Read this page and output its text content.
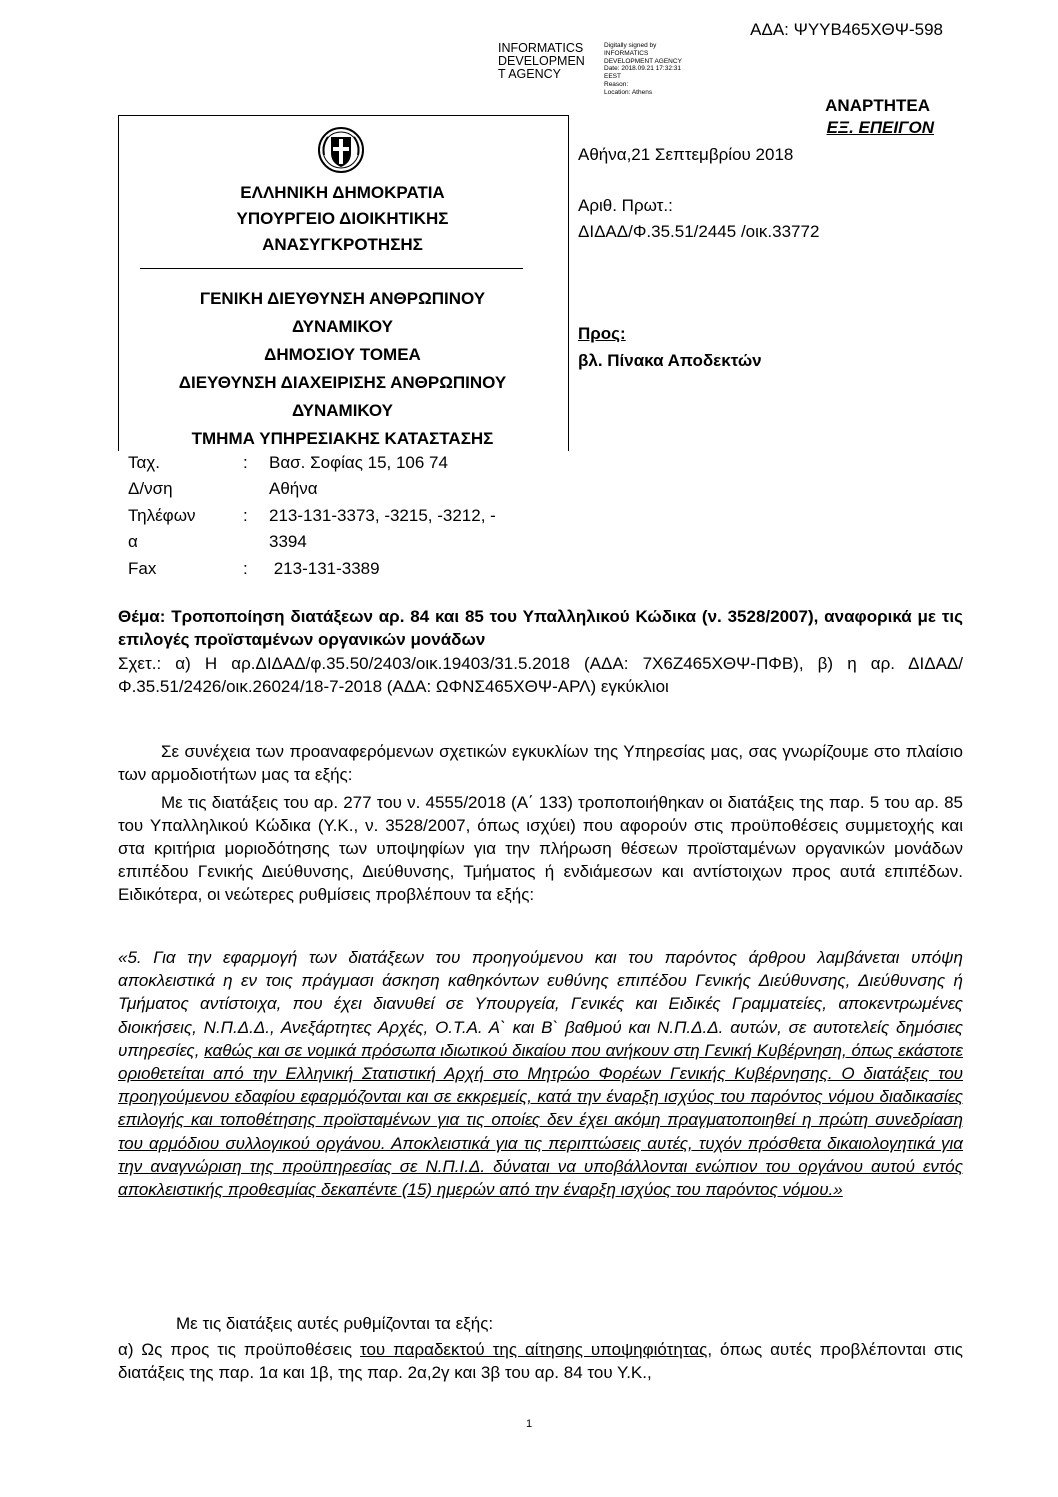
ΑΔΑ: ΨΥΥΒ465ΧΘΨ-598
INFORMATICS
DEVELOPMEN
T AGENCY
Digitally signed by
INFORMATICS
DEVELOPMENT AGENCY
Date: 2018.09.21 17:32:31
EEST
Reason:
Location: Athens
ΑΝΑΡΤΗΤΕΑ
ΕΞ. ΕΠΕΙΓΟΝ
Αθήνα,21 Σεπτεμβρίου 2018
Αριθ. Πρωτ.:
ΔΙΔΑΔ/Φ.35.51/2445 /οικ.33772
Προς:
βλ. Πίνακα Αποδεκτών
ΕΛΛΗΝΙΚΗ ΔΗΜΟΚΡΑΤΙΑ
ΥΠΟΥΡΓΕΙΟ ΔΙΟΙΚΗΤΙΚΗΣ
ΑΝΑΣΥΓΚΡΟΤΗΣΗΣ
ΓΕΝΙΚΗ ΔΙΕΥΘΥΝΣΗ ΑΝΘΡΩΠΙΝΟΥ
ΔΥΝΑΜΙΚΟΥ
ΔΗΜΟΣΙΟΥ ΤΟΜΕΑ
ΔΙΕΥΘΥΝΣΗ ΔΙΑΧΕΙΡΙΣΗΣ ΑΝΘΡΩΠΙΝΟΥ
ΔΥΝΑΜΙΚΟΥ
ΤΜΗΜΑ ΥΠΗΡΕΣΙΑΚΗΣ ΚΑΤΑΣΤΑΣΗΣ
Ταχ.	: Βασ. Σοφίας 15, 106 74
Δ/νση	Αθήνα
Τηλέφων	: 213-131-3373, -3215, -3212, -
α	3394
Fax	: 213-131-3389
Θέμα: Τροποποίηση διατάξεων αρ. 84 και 85 του Υπαλληλικού Κώδικα (ν. 3528/2007), αναφορικά με τις επιλογές προϊσταμένων οργανικών μονάδων
Σχετ.: α) Η αρ.ΔΙΔΑΔ/φ.35.50/2403/οικ.19403/31.5.2018 (ΑΔΑ: 7Χ6Ζ465ΧΘΨ-ΠΦΒ), β) η αρ. ΔΙΔΑΔ/Φ.35.51/2426/οικ.26024/18-7-2018 (ΑΔΑ: ΩΦΝΣ465ΧΘΨ-ΑΡΛ) εγκύκλιοι
Σε συνέχεια των προαναφερόμενων σχετικών εγκυκλίων της Υπηρεσίας μας, σας γνωρίζουμε στο πλαίσιο των αρμοδιοτήτων μας τα εξής:
Με τις διατάξεις του αρ. 277 του ν. 4555/2018 (Α΄ 133) τροποποιήθηκαν οι διατάξεις της παρ. 5 του αρ. 85 του Υπαλληλικού Κώδικα (Υ.Κ., ν. 3528/2007, όπως ισχύει) που αφορούν στις προϋποθέσεις συμμετοχής και στα κριτήρια μοριοδότησης των υποψηφίων για την πλήρωση θέσεων προϊσταμένων οργανικών μονάδων επιπέδου Γενικής Διεύθυνσης, Διεύθυνσης, Τμήματος ή ενδιάμεσων και αντίστοιχων προς αυτά επιπέδων. Ειδικότερα, οι νεώτερες ρυθμίσεις προβλέπουν τα εξής:
«5. Για την εφαρμογή των διατάξεων του προηγούμενου και του παρόντος άρθρου λαμβάνεται υπόψη αποκλειστικά η εν τοις πράγμασι άσκηση καθηκόντων ευθύνης επιπέδου Γενικής Διεύθυνσης, Διεύθυνσης ή Τμήματος αντίστοιχα, που έχει διανυθεί σε Υπουργεία, Γενικές και Ειδικές Γραμματείες, αποκεντρωμένες διοικήσεις, Ν.Π.Δ.Δ., Ανεξάρτητες Αρχές, Ο.Τ.Α. Α` και Β` βαθμού και Ν.Π.Δ.Δ. αυτών, σε αυτοτελείς δημόσιες υπηρεσίες, καθώς και σε νομικά πρόσωπα ιδιωτικού δικαίου που ανήκουν στη Γενική Κυβέρνηση, όπως εκάστοτε οριοθετείται από την Ελληνική Στατιστική Αρχή στο Μητρώο Φορέων Γενικής Κυβέρνησης. Ο διατάξεις του προηγούμενου εδαφίου εφαρμόζονται και σε εκκρεμείς, κατά την έναρξη ισχύος του παρόντος νόμου διαδικασίες επιλογής και τοποθέτησης προϊσταμένων για τις οποίες δεν έχει ακόμη πραγματοποιηθεί η πρώτη συνεδρίαση του αρμόδιου συλλογικού οργάνου. Αποκλειστικά για τις περιπτώσεις αυτές, τυχόν πρόσθετα δικαιολογητικά για την αναγνώριση της προϋπηρεσίας σε Ν.Π.Ι.Δ. δύναται να υποβάλλονται ενώπιον του οργάνου αυτού εντός αποκλειστικής προθεσμίας δεκαπέντε (15) ημερών από την έναρξη ισχύος του παρόντος νόμου.»
Με τις διατάξεις αυτές ρυθμίζονται τα εξής:
α) Ως προς τις προϋποθέσεις του παραδεκτού της αίτησης υποψηφιότητας, όπως αυτές προβλέπονται στις διατάξεις της παρ. 1α και 1β, της παρ. 2α,2γ και 3β του αρ. 84 του Υ.Κ.,
1
